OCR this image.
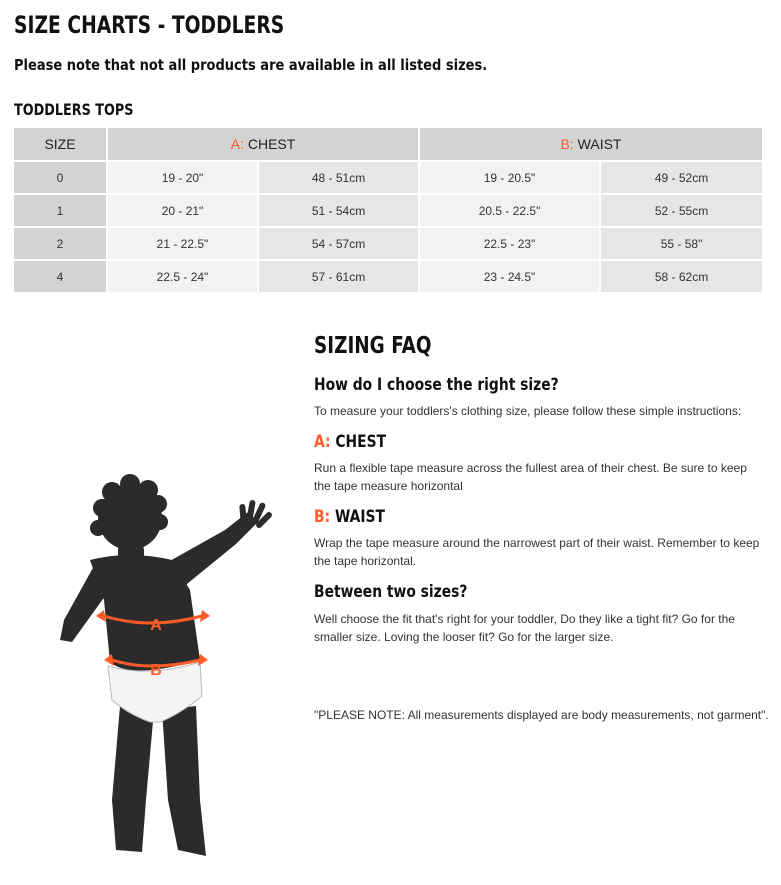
SIZE CHARTS - TODDLERS
Please note that not all products are available in all listed sizes.
TODDLERS TOPS
SIZE	A: CHEST		B: WAIST	
0	19 - 20"	48 - 51cm	19 - 20.5"	49 - 52cm
1	20 - 21"	51 - 54cm	20.5 - 22.5"	52 - 55cm
2	21 - 22.5"	54 - 57cm	22.5 - 23"	55 - 58"
4	22.5 - 24"	57 - 61cm	23 - 24.5"	58 - 62cm
A
B
SIZING FAQ
How do I choose the right size?

To measure your toddlers's clothing size, please follow these simple instructions:

A: CHEST

Run a flexible tape measure across the fullest area of their chest. Be sure to keep the tape measure horizontal

B: WAIST

Wrap the tape measure around the narrowest part of their waist. Remember to keep the tape horizontal.

Between two sizes?

Well choose the fit that's right for your toddler, Do they like a tight fit? Go for the smaller size. Loving the looser fit? Go for the larger size.

"PLEASE NOTE: All measurements displayed are body measurements, not garment".
